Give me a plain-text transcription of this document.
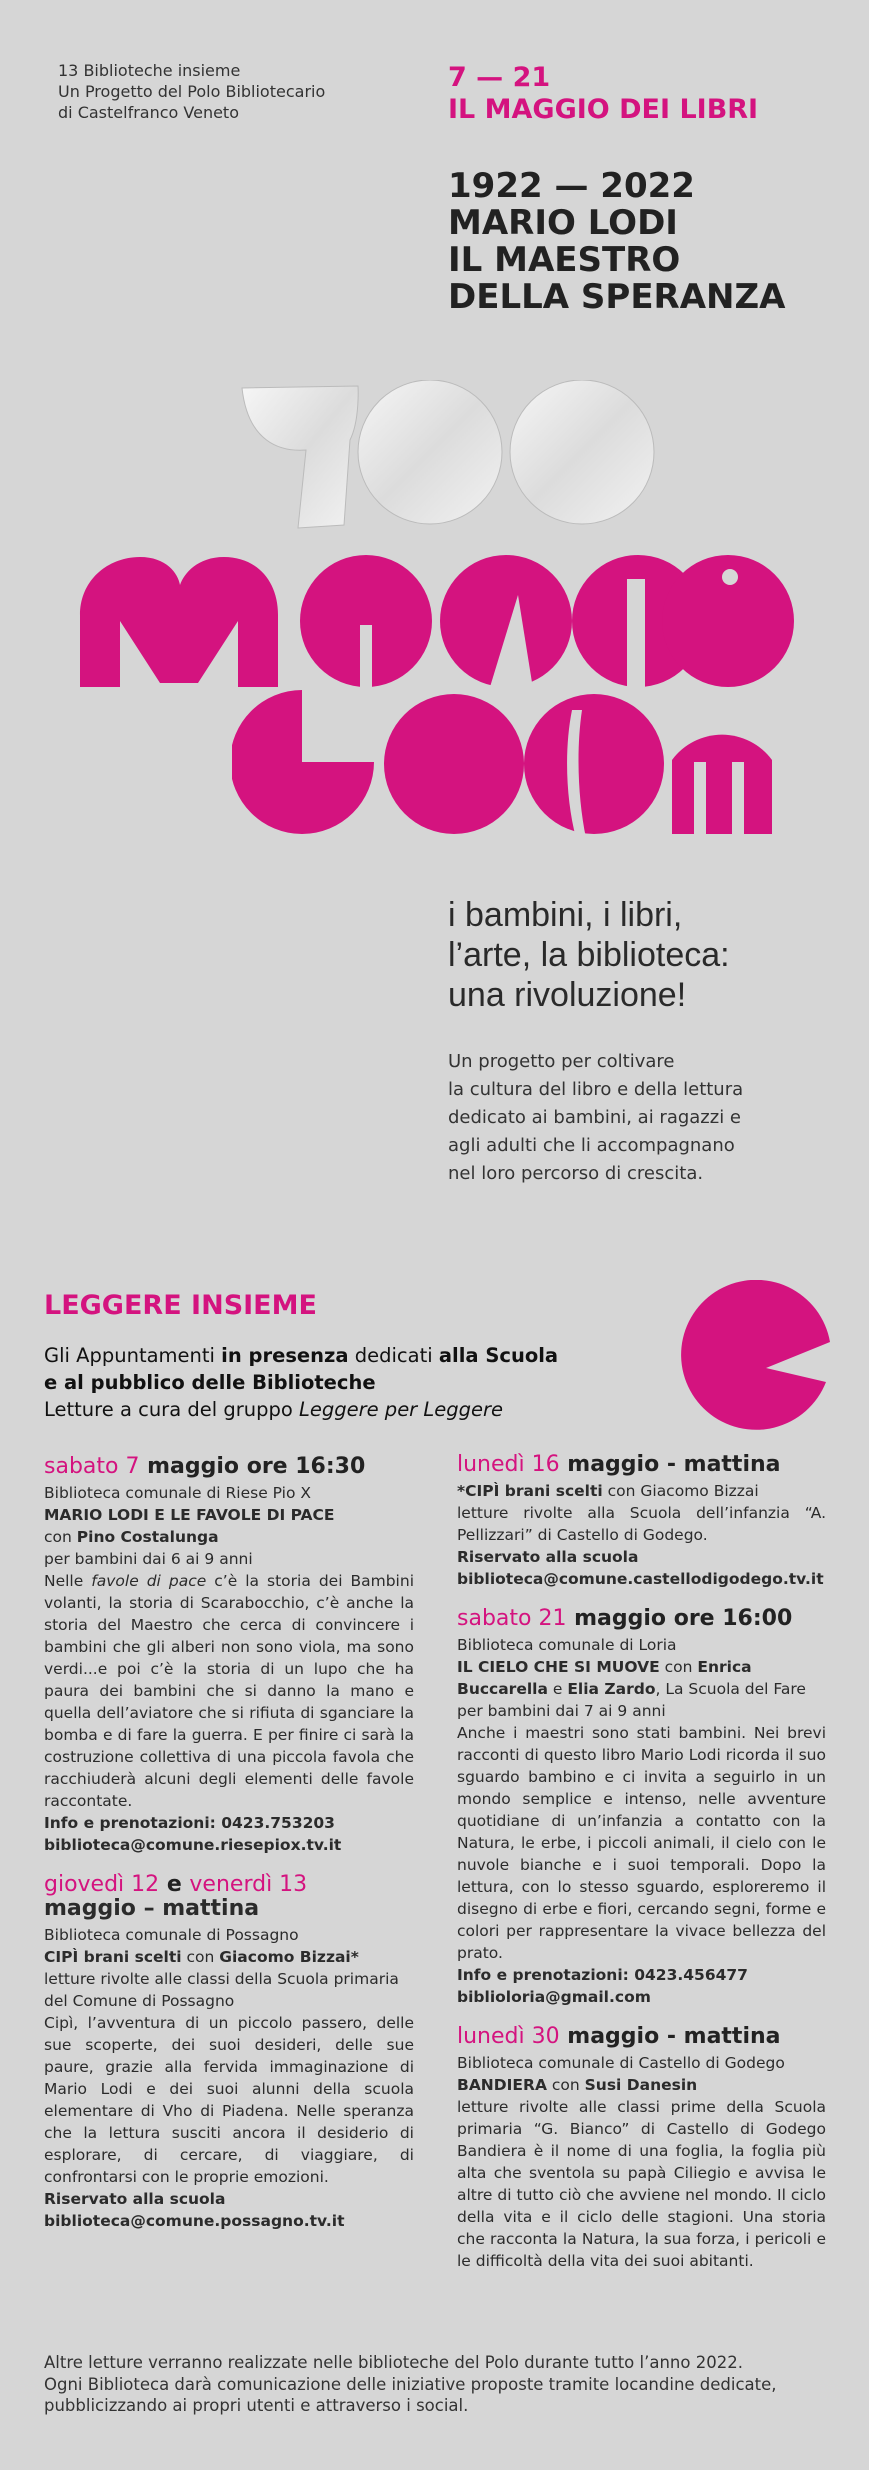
13 Biblioteche insieme
Un Progetto del Polo Bibliotecario
di Castelfranco Veneto
7 — 21
IL MAGGIO DEI LIBRI
1922 — 2022
MARIO LODI
IL MAESTRO
DELLA SPERANZA
i bambini, i libri,
l’arte, la biblioteca:
una rivoluzione!
Un progetto per coltivare
la cultura del libro e della lettura
dedicato ai bambini, ai ragazzi e
agli adulti che li accompagnano
nel loro percorso di crescita.
LEGGERE INSIEME
Gli Appuntamenti in presenza dedicati alla Scuola
e al pubblico delle Biblioteche
Letture a cura del gruppo Leggere per Leggere
sabato 7 maggio ore 16:30

Biblioteca comunale di Riese Pio X

MARIO LODI E LE FAVOLE DI PACE

con Pino Costalunga

per bambini dai 6 ai 9 anni

Nelle favole di pace c’è la storia dei Bambini volanti, la storia di Scarabocchio, c’è anche la storia del Maestro che cerca di convincere i bambini che gli alberi non sono viola, ma sono verdi...e poi c’è la storia di un lupo che ha paura dei bambini che si danno la mano e quella dell’aviatore che si rifiuta di sganciare la bomba e di fare la guerra. E per finire ci sarà la costruzione collettiva di una piccola favola che racchiuderà alcuni degli elementi delle favole raccontate.

Info e prenotazioni: 0423.753203

biblioteca@comune.riesepiox.tv.it

giovedì 12 e venerdì 13
maggio – mattina

Biblioteca comunale di Possagno

CIPÌ brani scelti con Giacomo Bizzai*

letture rivolte alle classi della Scuola primaria del Comune di Possagno

Cipì, l’avventura di un piccolo passero, delle sue scoperte, dei suoi desideri, delle sue paure, grazie alla fervida immaginazione di Mario Lodi e dei suoi alunni della scuola elementare di Vho di Piadena. Nelle speranza che la lettura susciti ancora il desiderio di esplorare, di cercare, di viaggiare, di confrontarsi con le proprie emozioni.

Riservato alla scuola

biblioteca@comune.possagno.tv.it

lunedì 16 maggio - mattina

*CIPÌ brani scelti con Giacomo Bizzai

letture rivolte alla Scuola dell’infanzia “A. Pellizzari” di Castello di Godego.

Riservato alla scuola

biblioteca@comune.castellodigodego.tv.it

sabato 21 maggio ore 16:00

Biblioteca comunale di Loria

IL CIELO CHE SI MUOVE con Enrica Buccarella e Elia Zardo, La Scuola del Fare

per bambini dai 7 ai 9 anni

Anche i maestri sono stati bambini. Nei brevi racconti di questo libro Mario Lodi ricorda il suo sguardo bambino e ci invita a seguirlo in un mondo semplice e intenso, nelle avventure quotidiane di un’infanzia a contatto con la Natura, le erbe, i piccoli animali, il cielo con le nuvole bianche e i suoi temporali. Dopo la lettura, con lo stesso sguardo, esploreremo il disegno di erbe e fiori, cercando segni, forme e colori per rappresentare la vivace bellezza del prato.

Info e prenotazioni: 0423.456477

biblioloria@gmail.com

lunedì 30 maggio - mattina

Biblioteca comunale di Castello di Godego

BANDIERA con Susi Danesin

letture rivolte alle classi prime della Scuola primaria “G. Bianco” di Castello di Godego Bandiera è il nome di una foglia, la foglia più alta che sventola su papà Ciliegio e avvisa le altre di tutto ciò che avviene nel mondo. Il ciclo della vita e il ciclo delle stagioni. Una storia che racconta la Natura, la sua forza, i pericoli e le difficoltà della vita dei suoi abitanti.

Altre letture verranno realizzate nelle biblioteche del Polo durante tutto l’anno 2022.
Ogni Biblioteca darà comunicazione delle iniziative proposte tramite locandine dedicate,
pubblicizzando ai propri utenti e attraverso i social.
